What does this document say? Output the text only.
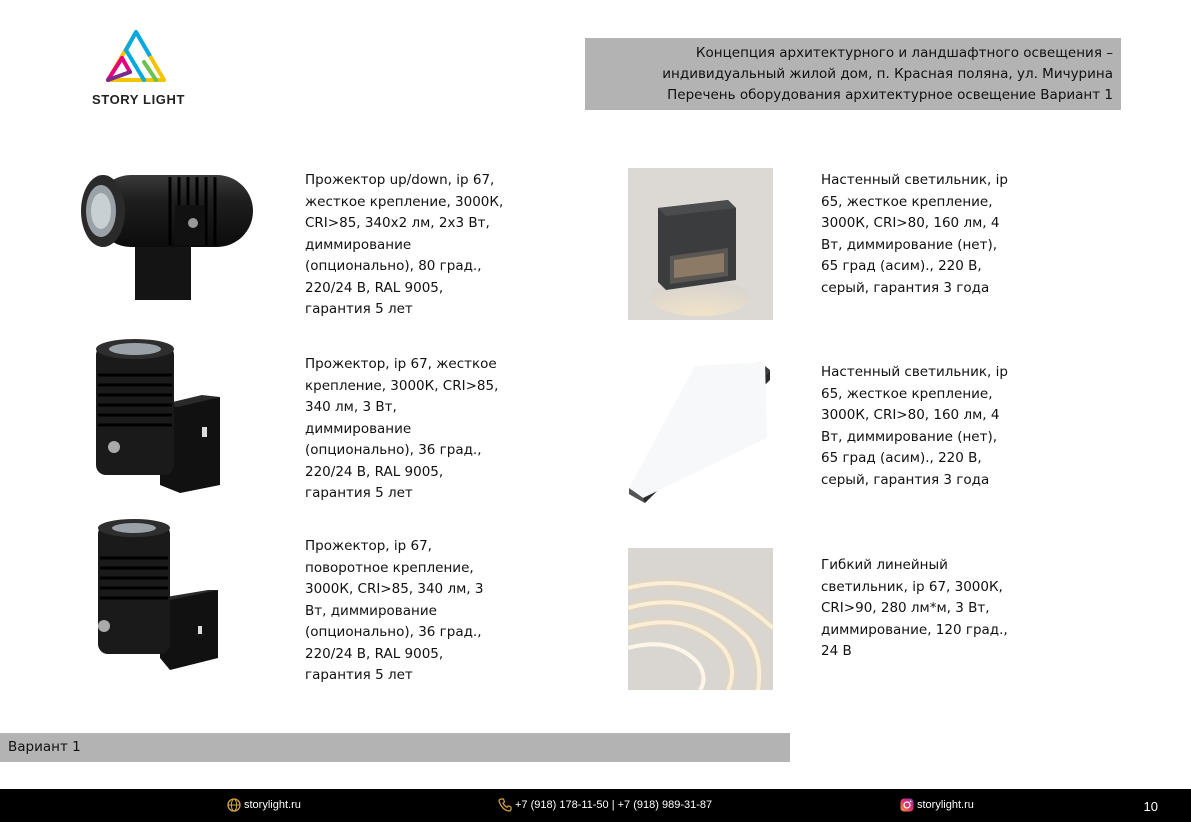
STORY LIGHT
Концепция архитектурного и ландшафтного освещения –
индивидуальный жилой дом, п. Красная поляна, ул. Мичурина
Перечень оборудования архитектурное освещение Вариант 1
Прожектор up/down, ip 67,
жесткое крепление, 3000К,
CRI>85, 340x2 лм, 2x3 Вт,
диммирование
(опционально), 80 град.,
220/24 В, RAL 9005,
гарантия 5 лет
Прожектор, ip 67, жесткое
крепление, 3000К, CRI>85,
340 лм, 3 Вт,
диммирование
(опционально), 36 град.,
220/24 В, RAL 9005,
гарантия 5 лет
Прожектор, ip 67,
поворотное крепление,
3000К, CRI>85, 340 лм, 3
Вт, диммирование
(опционально), 36 град.,
220/24 В, RAL 9005,
гарантия 5 лет
Настенный светильник, ip
65, жесткое крепление,
3000К, CRI>80, 160 лм, 4
Вт, диммирование (нет),
65 град (асим)., 220 В,
серый, гарантия 3 года
Настенный светильник, ip
65, жесткое крепление,
3000К, CRI>80, 160 лм, 4
Вт, диммирование (нет),
65 град (асим)., 220 В,
серый, гарантия 3 года
Гибкий линейный
светильник, ip 67, 3000К,
CRI>90, 280 лм*м, 3 Вт,
диммирование, 120 град.,
24 В
Вариант 1
storylight.ru	+7 (918) 178-11-50 | +7 (918) 989-31-87	storylight.ru	10
